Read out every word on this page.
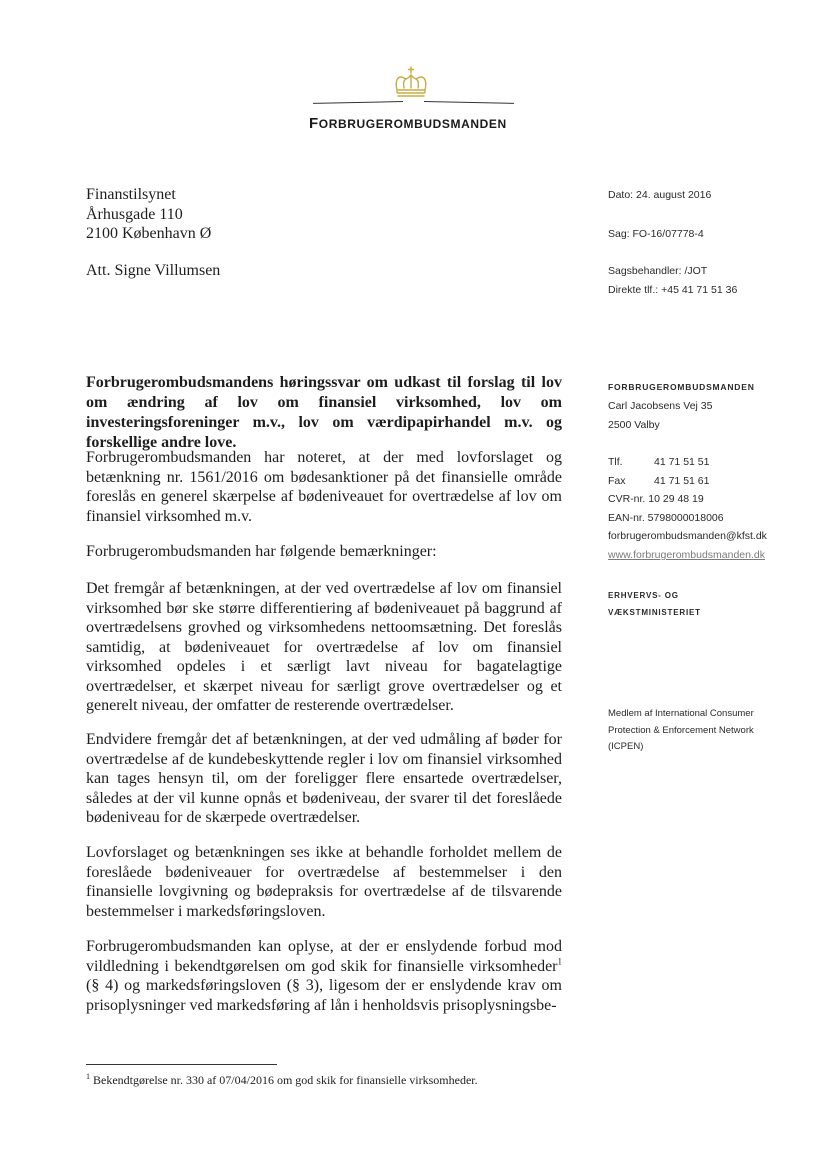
FORBRUGEROMBUDSMANDEN
Finanstilsynet
Århusgade 110
2100 København Ø
Att. Signe Villumsen
Dato: 24. august 2016
Sag: FO-16/07778-4
Sagsbehandler: /JOT
Direkte tlf.: +45 41 71 51 36
Forbrugerombudsmandens høringssvar om udkast til forslag til lov om ændring af lov om finansiel virksomhed, lov om investeringsforeninger m.v., lov om værdipapirhandel m.v. og forskellige andre love.
Forbrugerombudsmanden har noteret, at der med lovforslaget og betænkning nr. 1561/2016 om bødesanktioner på det finansielle område foreslås en generel skærpelse af bødeniveauet for overtrædelse af lov om finansiel virksomhed m.v.
Forbrugerombudsmanden har følgende bemærkninger:
Det fremgår af betænkningen, at der ved overtrædelse af lov om finansiel virksomhed bør ske større differentiering af bødeniveauet på baggrund af overtrædelsens grovhed og virksomhedens nettoomsætning. Det foreslås samtidig, at bødeniveauet for overtrædelse af lov om finansiel virksomhed opdeles i et særligt lavt niveau for bagatelagtige overtrædelser, et skærpet niveau for særligt grove overtrædelser og et generelt niveau, der omfatter de resterende overtrædelser.
Endvidere fremgår det af betænkningen, at der ved udmåling af bøder for overtrædelse af de kundebeskyttende regler i lov om finansiel virksomhed kan tages hensyn til, om der foreligger flere ensartede overtrædelser, således at der vil kunne opnås et bødeniveau, der svarer til det foreslåede bødeniveau for de skærpede overtrædelser.
Lovforslaget og betænkningen ses ikke at behandle forholdet mellem de foreslåede bødeniveauer for overtrædelse af bestemmelser i den finansielle lovgivning og bødepraksis for overtrædelse af de tilsvarende bestemmelser i markedsføringsloven.
Forbrugerombudsmanden kan oplyse, at der er enslydende forbud mod vildledning i bekendtgørelsen om god skik for finansielle virksomheder$^1$ (§ 4) og markedsføringsloven (§ 3), ligesom der er enslydende krav om prisoplysninger ved markedsføring af lån i henholdsvis prisoplysningsbe-
FORBRUGEROMBUDSMANDEN
Carl Jacobsens Vej 35
2500 Valby
Tlf.	41 71 51 51
Fax	41 71 51 61
CVR-nr. 10 29 48 19
EAN-nr. 5798000018006
forbrugerombudsmanden@kfst.dk
www.forbrugerombudsmanden.dk
ERHVERVS- OG
VÆKSTMINISTERIET
Medlem af International Consumer Protection & Enforcement Network (ICPEN)
$^1$ Bekendtgørelse nr. 330 af 07/04/2016 om god skik for finansielle virksomheder.
